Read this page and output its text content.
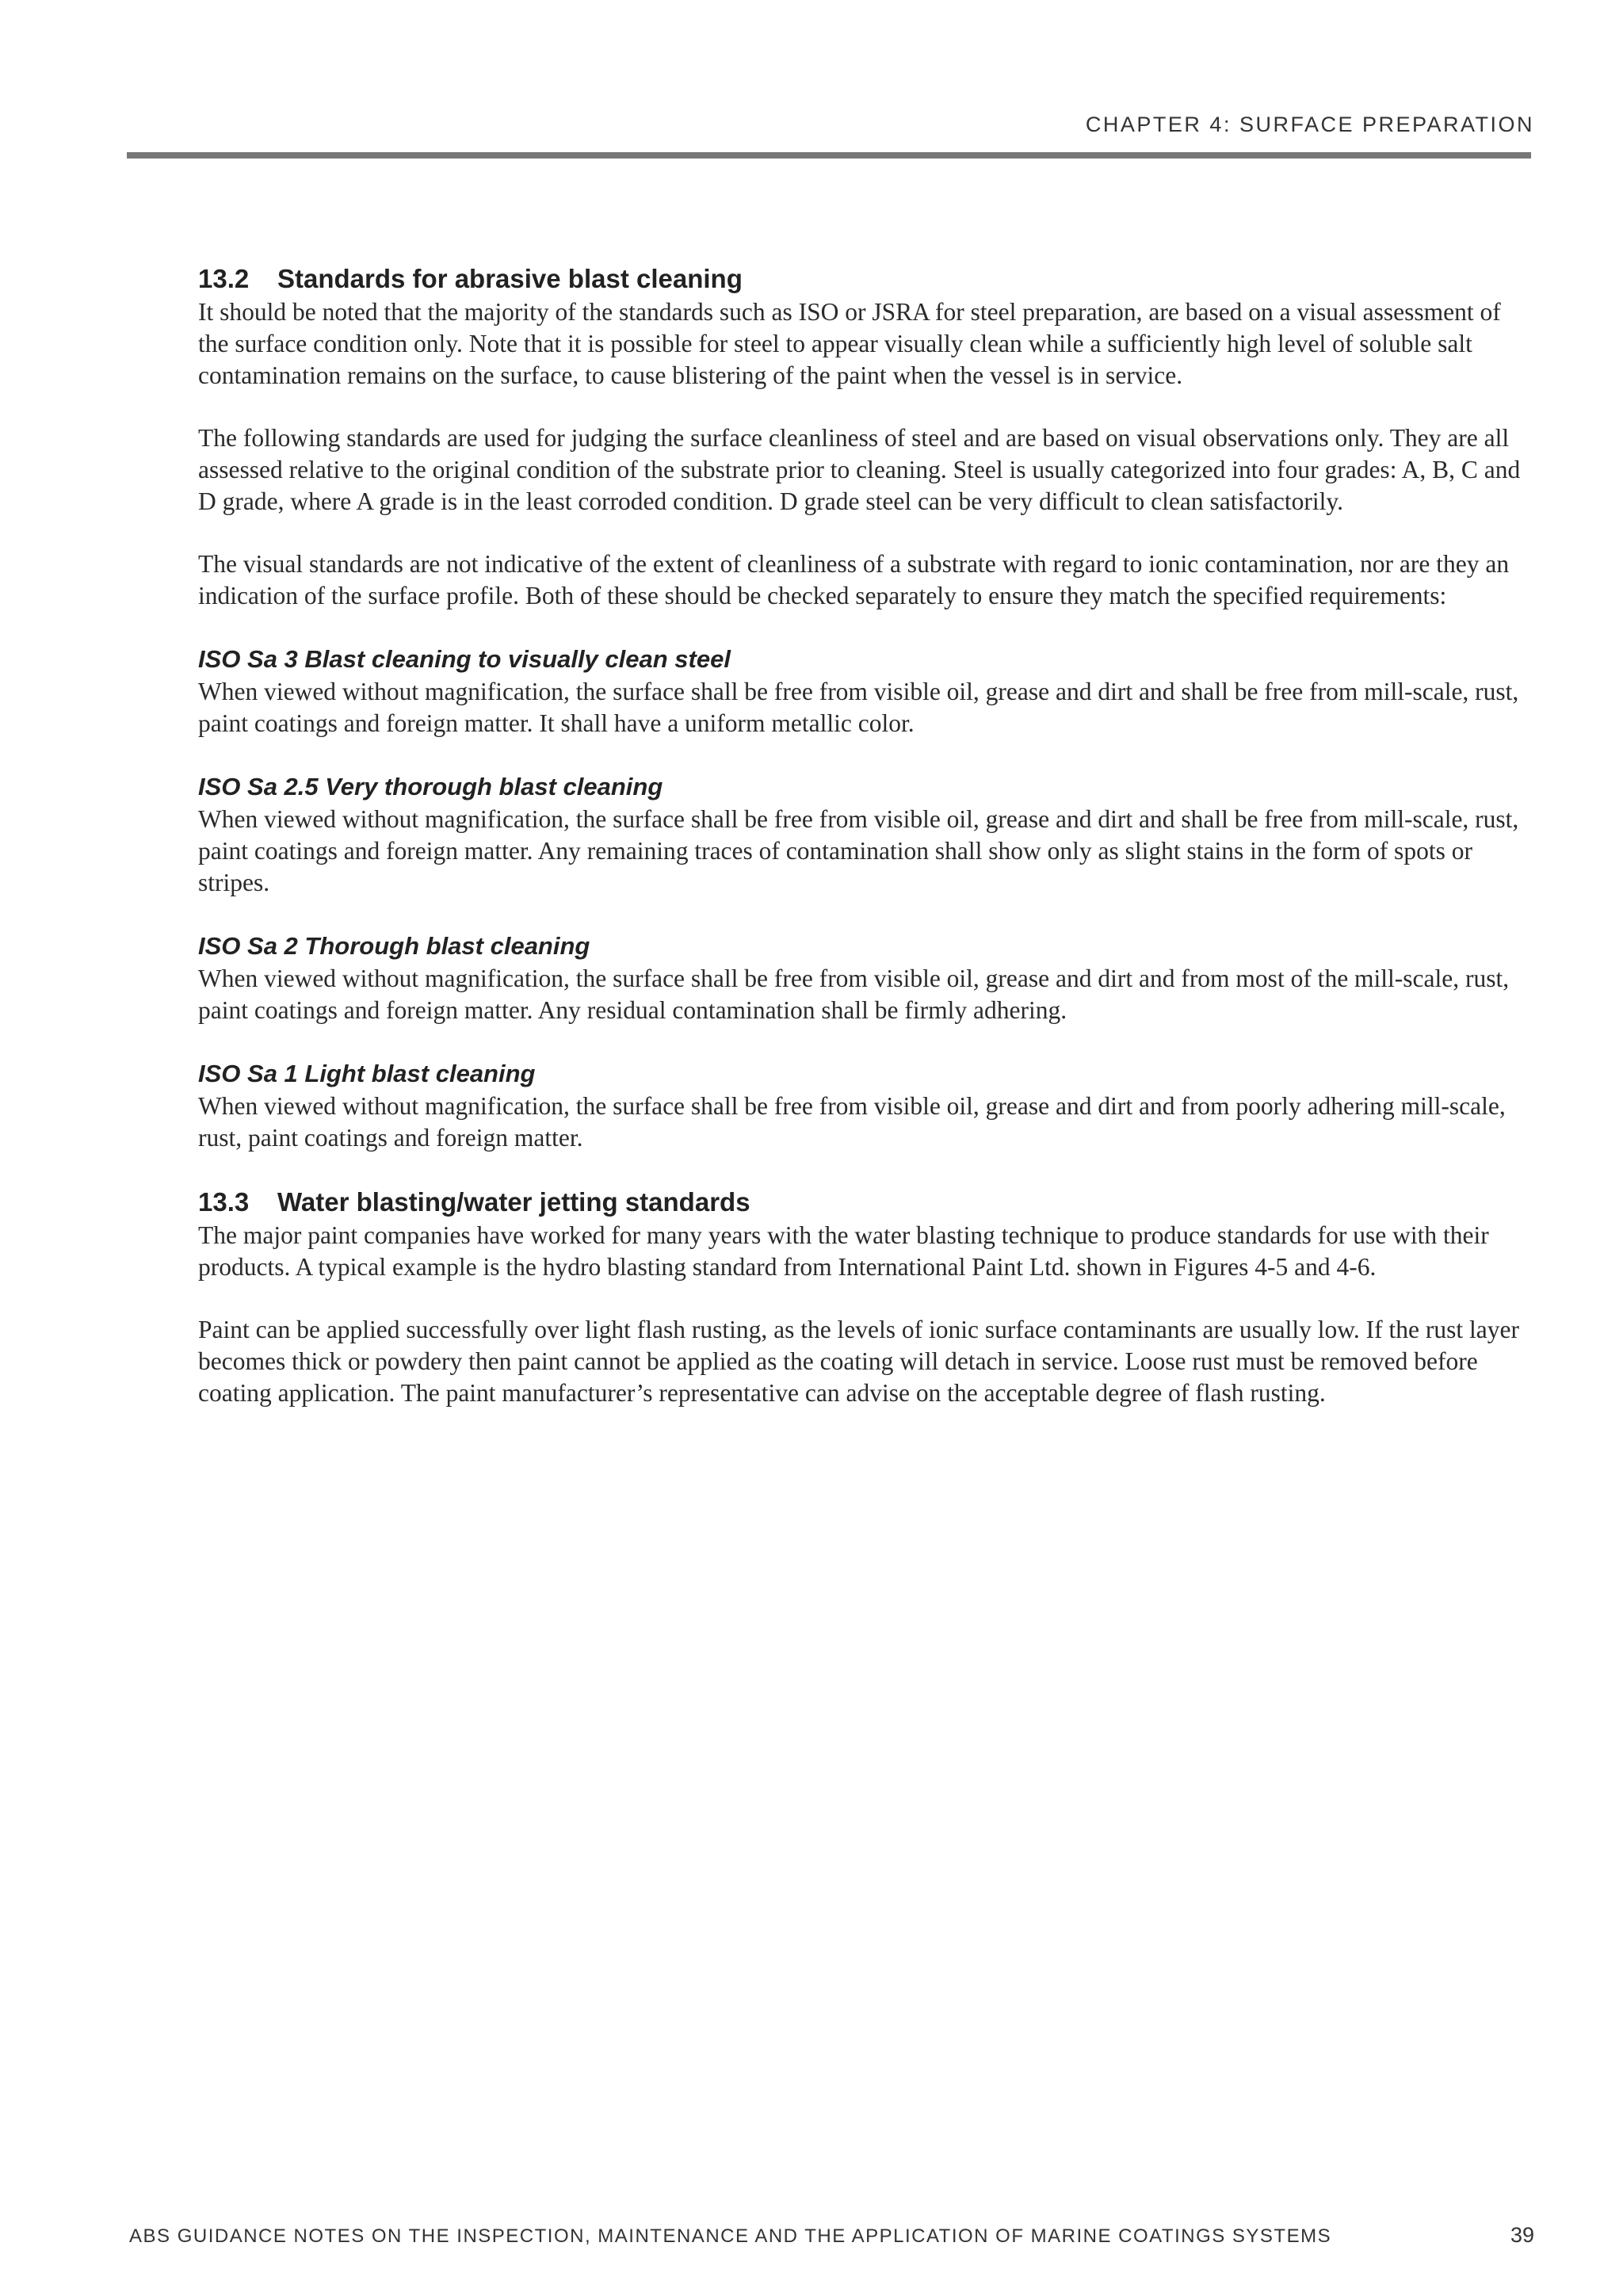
CHAPTER 4: SURFACE PREPARATION
13.2 Standards for abrasive blast cleaning

It should be noted that the majority of the standards such as ISO or JSRA for steel preparation, are based on a visual assessment of the surface condition only. Note that it is possible for steel to appear visually clean while a sufficiently high level of soluble salt contamination remains on the surface, to cause blistering of the paint when the vessel is in service.

The following standards are used for judging the surface cleanliness of steel and are based on visual observations only. They are all assessed relative to the original condition of the substrate prior to cleaning. Steel is usually categorized into four grades: A, B, C and D grade, where A grade is in the least corroded condition. D grade steel can be very difficult to clean satisfactorily.

The visual standards are not indicative of the extent of cleanliness of a substrate with regard to ionic contamination, nor are they an indication of the surface profile. Both of these should be checked separately to ensure they match the specified requirements:

ISO Sa 3 Blast cleaning to visually clean steel

When viewed without magnification, the surface shall be free from visible oil, grease and dirt and shall be free from mill-scale, rust, paint coatings and foreign matter. It shall have a uniform metallic color.

ISO Sa 2.5 Very thorough blast cleaning

When viewed without magnification, the surface shall be free from visible oil, grease and dirt and shall be free from mill-scale, rust, paint coatings and foreign matter. Any remaining traces of contamination shall show only as slight stains in the form of spots or stripes.

ISO Sa 2 Thorough blast cleaning

When viewed without magnification, the surface shall be free from visible oil, grease and dirt and from most of the mill-scale, rust, paint coatings and foreign matter. Any residual contamination shall be firmly adhering.

ISO Sa 1 Light blast cleaning

When viewed without magnification, the surface shall be free from visible oil, grease and dirt and from poorly adhering mill-scale, rust, paint coatings and foreign matter.

13.3 Water blasting/water jetting standards

The major paint companies have worked for many years with the water blasting technique to produce standards for use with their products. A typical example is the hydro blasting standard from International Paint Ltd. shown in Figures 4-5 and 4-6.

Paint can be applied successfully over light flash rusting, as the levels of ionic surface contaminants are usually low. If the rust layer becomes thick or powdery then paint cannot be applied as the coating will detach in service. Loose rust must be removed before coating application. The paint manufacturer’s representative can advise on the acceptable degree of flash rusting.

ABS GUIDANCE NOTES ON THE INSPECTION, MAINTENANCE AND THE APPLICATION OF MARINE COATINGS SYSTEMS	39
